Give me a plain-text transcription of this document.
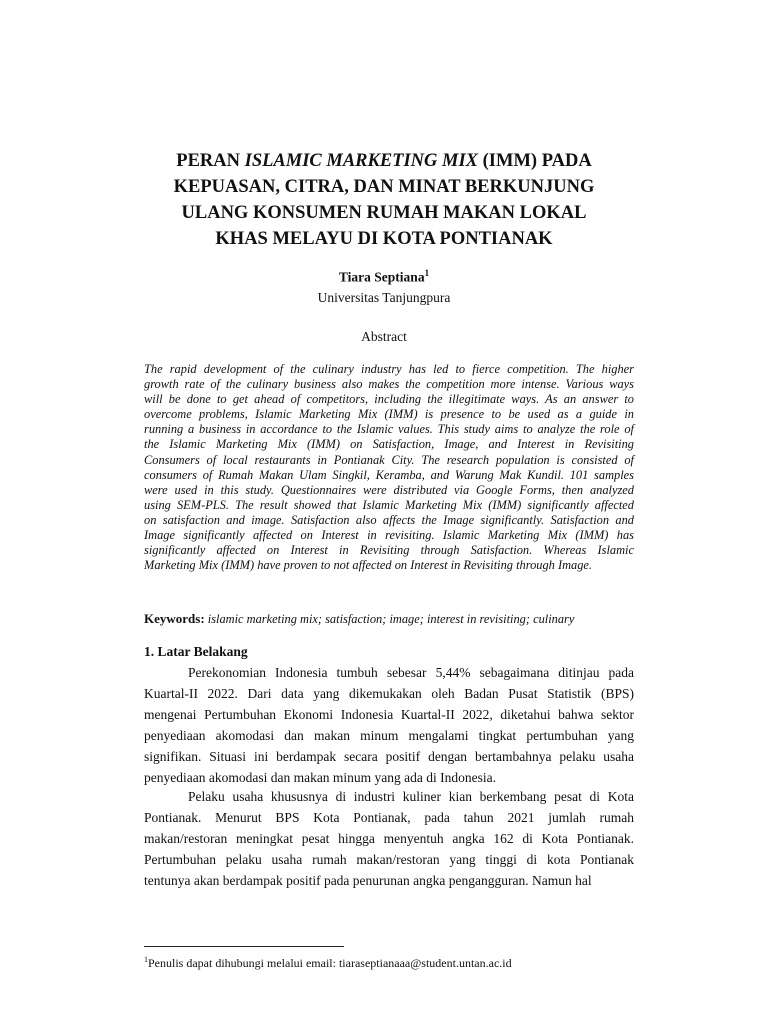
PERAN ISLAMIC MARKETING MIX (IMM) PADA
KEPUASAN, CITRA, DAN MINAT BERKUNJUNG
ULANG KONSUMEN RUMAH MAKAN LOKAL
KHAS MELAYU DI KOTA PONTIANAK
Tiara Septiana$^1$
Universitas Tanjungpura
Abstract
The rapid development of the culinary industry has led to fierce competition. The higher
growth rate of the culinary business also makes the competition more intense. Various ways
will be done to get ahead of competitors, including the illegitimate ways. As an answer to
overcome problems, Islamic Marketing Mix (IMM) is presence to be used as a guide in
running a business in accordance to the Islamic values. This study aims to analyze the role of
the Islamic Marketing Mix (IMM) on Satisfaction, Image, and Interest in Revisiting
Consumers of local restaurants in Pontianak City. The research population is consisted of
consumers of Rumah Makan Ulam Singkil, Keramba, and Warung Mak Kundil. 101 samples
were used in this study. Questionnaires were distributed via Google Forms, then analyzed
using SEM-PLS. The result showed that Islamic Marketing Mix (IMM) significantly affected
on satisfaction and image. Satisfaction also affects the Image significantly. Satisfaction and
Image significantly affected on Interest in revisiting. Islamic Marketing Mix (IMM) has
significantly affected on Interest in Revisiting through Satisfaction. Whereas Islamic
Marketing Mix (IMM) have proven to not affected on Interest in Revisiting through Image.
Keywords: islamic marketing mix; satisfaction; image; interest in revisiting; culinary
1. Latar Belakang
Perekonomian Indonesia tumbuh sebesar 5,44% sebagaimana ditinjau pada
Kuartal-II 2022. Dari data yang dikemukakan oleh Badan Pusat Statistik (BPS)
mengenai Pertumbuhan Ekonomi Indonesia Kuartal-II 2022, diketahui bahwa sektor
penyediaan akomodasi dan makan minum mengalami tingkat pertumbuhan yang
signifikan. Situasi ini berdampak secara positif dengan bertambahnya pelaku usaha
penyediaan akomodasi dan makan minum yang ada di Indonesia.
Pelaku usaha khususnya di industri kuliner kian berkembang pesat di Kota
Pontianak. Menurut BPS Kota Pontianak, pada tahun 2021 jumlah rumah
makan/restoran meningkat pesat hingga menyentuh angka 162 di Kota Pontianak.
Pertumbuhan pelaku usaha rumah makan/restoran yang tinggi di kota Pontianak
tentunya akan berdampak positif pada penurunan angka pengangguran. Namun hal
$^1$Penulis dapat dihubungi melalui email: tiaraseptianaaa@student.untan.ac.id
